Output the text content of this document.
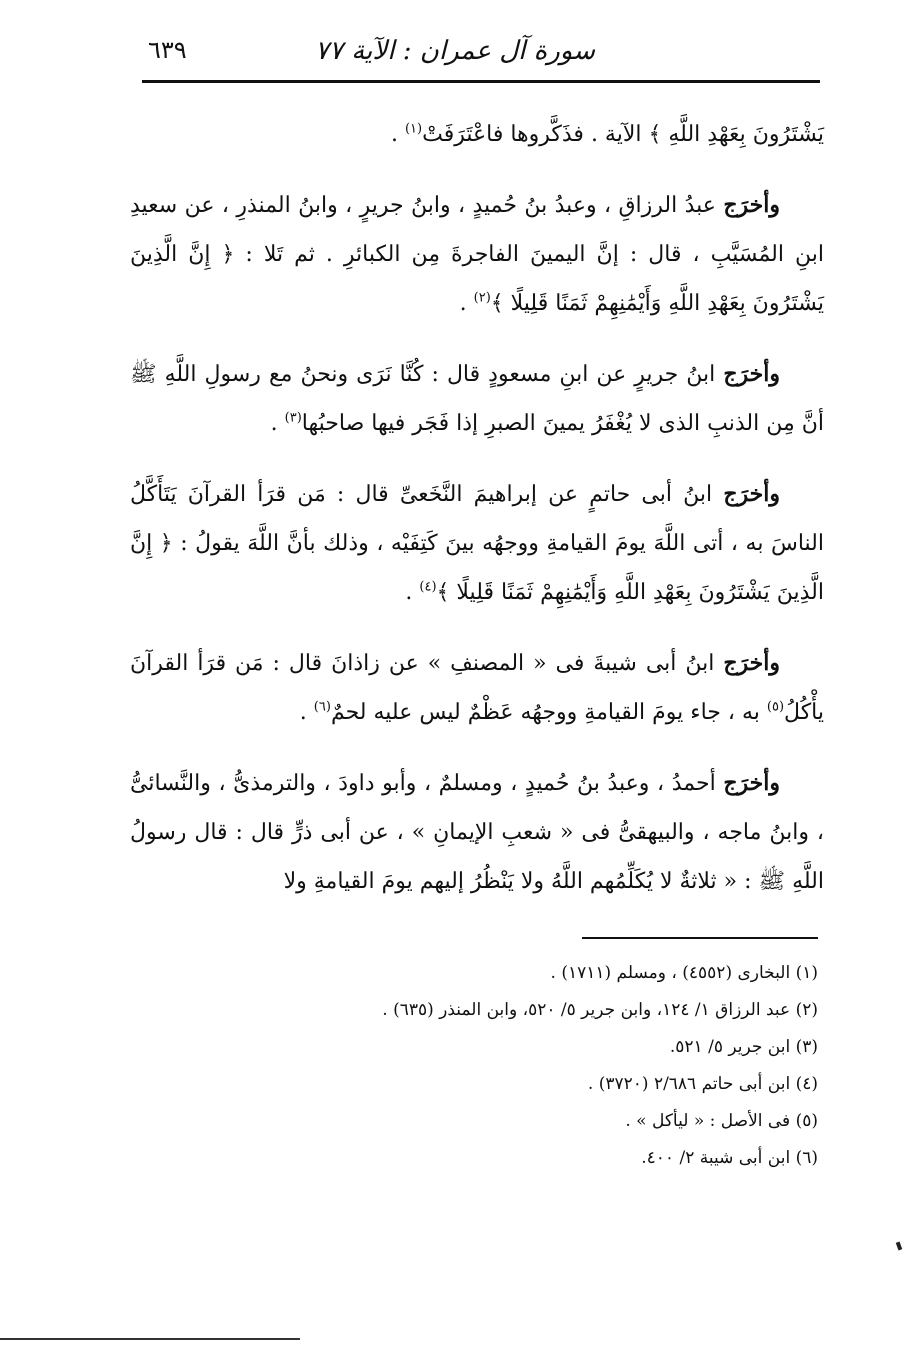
سورة آل عمران : الآية ٧٧
٦٣٩

يَشْتَرُونَ بِعَهْدِ اللَّهِ ﴾ الآية . فذَكَّروها فاعْتَرَفَتْ$^{(١)}$ .

وأخرَج عبدُ الرزاقِ ، وعبدُ بنُ حُميدٍ ، وابنُ جريرٍ ، وابنُ المنذرِ ، عن سعيدِ ابنِ المُسَيَّبِ ، قال : إنَّ اليمينَ الفاجرةَ مِن الكبائرِ . ثم تَلا : ﴿ إِنَّ الَّذِينَ يَشْتَرُونَ بِعَهْدِ اللَّهِ وَأَيْمَٰنِهِمْ ثَمَنًا قَلِيلًا ﴾$^{(٢)}$ .

وأخرَج ابنُ جريرٍ عن ابنِ مسعودٍ قال : كُنَّا نَرَى ونحنُ مع رسولِ اللَّهِ ﷺ أنَّ مِن الذنبِ الذى لا يُغْفَرُ يمينَ الصبرِ إذا فَجَر فيها صاحبُها$^{(٣)}$ .

وأخرَج ابنُ أبى حاتمٍ عن إبراهيمَ النَّخَعىِّ قال : مَن قرَأ القرآنَ يَتَأَكَّلُ الناسَ به ، أتى اللَّهَ يومَ القيامةِ ووجهُه بينَ كَتِفَيْه ، وذلك بأنَّ اللَّهَ يقولُ : ﴿ إِنَّ الَّذِينَ يَشْتَرُونَ بِعَهْدِ اللَّهِ وَأَيْمَٰنِهِمْ ثَمَنًا قَلِيلًا ﴾$^{(٤)}$ .

وأخرَج ابنُ أبى شيبةَ فى « المصنفِ » عن زاذانَ قال : مَن قرَأ القرآنَ يأْكُلُ$^{(٥)}$ به ، جاء يومَ القيامةِ ووجهُه عَظْمٌ ليس عليه لحمٌ$^{(٦)}$ .

وأخرَج أحمدُ ، وعبدُ بنُ حُميدٍ ، ومسلمٌ ، وأبو داودَ ، والترمذىُّ ، والنَّسائىُّ ، وابنُ ماجه ، والبيهقىُّ فى « شعبِ الإيمانِ » ، عن أبى ذرٍّ قال : قال رسولُ اللَّهِ ﷺ : « ثلاثةٌ لا يُكَلِّمُهم اللَّهُ ولا يَنْظُرُ إليهم يومَ القيامةِ ولا

(١) البخارى (٤٥٥٢) ، ومسلم (١٧١١) .
(٢) عبد الرزاق ١/ ١٢٤، وابن جرير ٥/ ٥٢٠، وابن المنذر (٦٣٥) .
(٣) ابن جرير ٥/ ٥٢١.
(٤) ابن أبى حاتم ٢/٦٨٦ (٣٧٢٠) .
(٥) فى الأصل : « ليأكل » .
(٦) ابن أبى شيبة ٢/ ٤٠٠.
